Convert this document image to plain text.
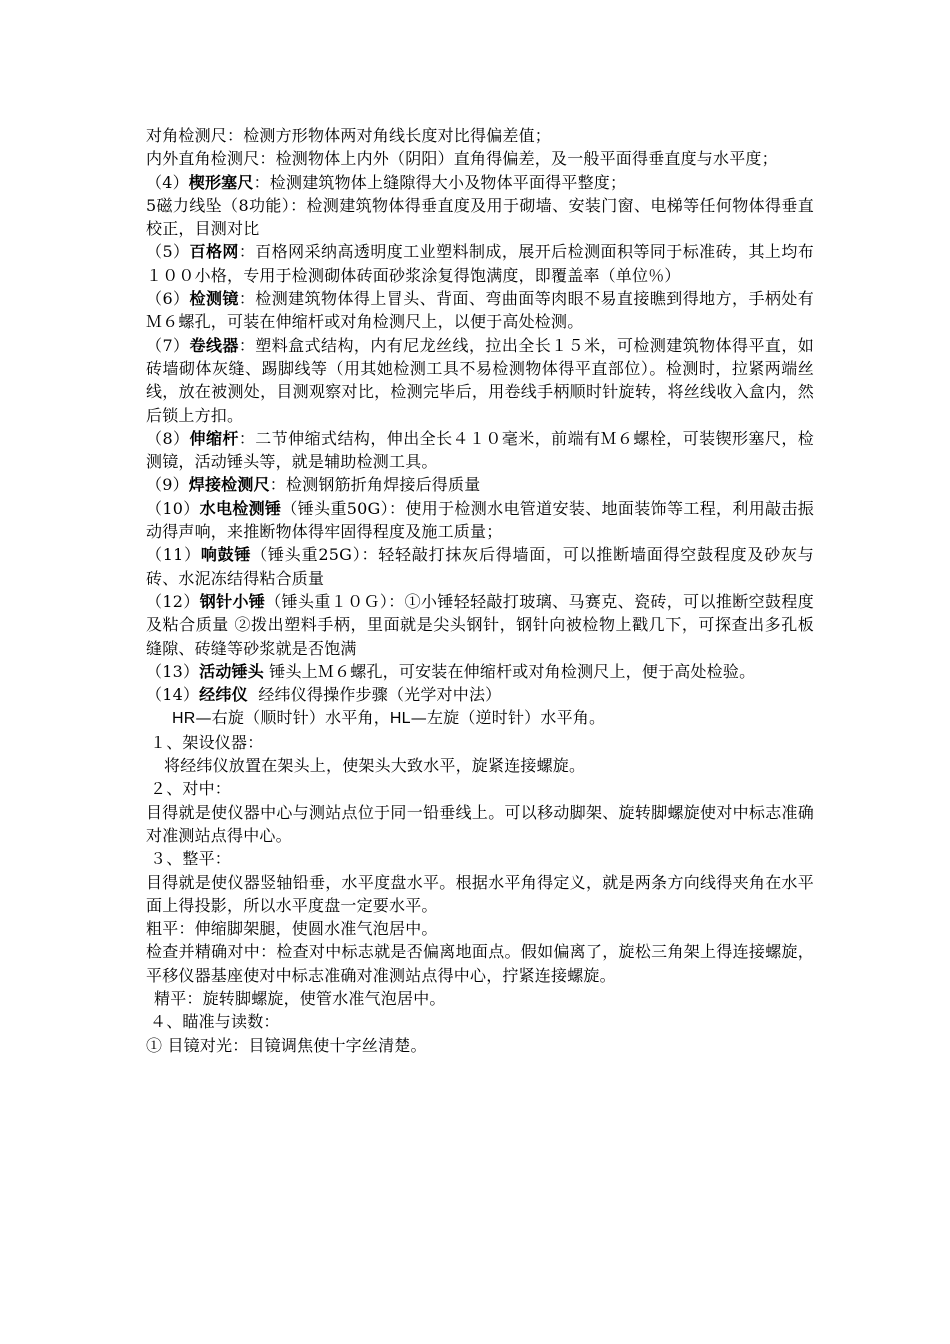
对角检测尺：检测方形物体两对角线长度对比得偏差值；

内外直角检测尺：检测物体上内外（阴阳）直角得偏差，及一般平面得垂直度与水平度；

（4）楔形塞尺：检测建筑物体上缝隙得大小及物体平面得平整度；

5磁力线坠（8功能）：检测建筑物体得垂直度及用于砌墙、安装门窗、电梯等任何物体得垂直校正，目测对比

（5）百格网：百格网采纳高透明度工业塑料制成，展开后检测面积等同于标准砖，其上均布１００小格，专用于检测砌体砖面砂浆涂复得饱满度，即覆盖率（单位％）

（6）检测镜：检测建筑物体得上冒头、背面、弯曲面等肉眼不易直接瞧到得地方，手柄处有Ｍ６螺孔，可装在伸缩杆或对角检测尺上，以便于高处检测。

（7）卷线器：塑料盒式结构，内有尼龙丝线，拉出全长１５米，可检测建筑物体得平直，如砖墙砌体灰缝、踢脚线等（用其她检测工具不易检测物体得平直部位）。检测时，拉紧两端丝线，放在被测处，目测观察对比，检测完毕后，用卷线手柄顺时针旋转，将丝线收入盒内，然后锁上方扣。

（8）伸缩杆：二节伸缩式结构，伸出全长４１０毫米，前端有Ｍ６螺栓，可装锲形塞尺，检测镜，活动锤头等，就是辅助检测工具。

（9）焊接检测尺：检测钢筋折角焊接后得质量

（10）水电检测锤（锤头重50G）：使用于检测水电管道安装、地面装饰等工程，利用敲击振动得声响，来推断物体得牢固得程度及施工质量；

（11）响鼓锤（锤头重25G）：轻轻敲打抹灰后得墙面，可以推断墙面得空鼓程度及砂灰与砖、水泥冻结得粘合质量

（12）钢针小锤（锤头重１０Ｇ）：①小锤轻轻敲打玻璃、马赛克、瓷砖，可以推断空鼓程度及粘合质量 ②拨出塑料手柄，里面就是尖头钢针，钢针向被检物上戳几下，可探查出多孔板缝隙、砖缝等砂浆就是否饱满

（13）活动锤头 锤头上Ｍ６螺孔，可安装在伸缩杆或对角检测尺上，便于高处检验。

（14）经纬仪  经纬仪得操作步骤（光学对中法）

HR—右旋（顺时针）水平角，HL—左旋（逆时针）水平角。

１、架设仪器：

将经纬仪放置在架头上，使架头大致水平，旋紧连接螺旋。

２、对中：

目得就是使仪器中心与测站点位于同一铅垂线上。可以移动脚架、旋转脚螺旋使对中标志准确对准测站点得中心。

３、整平：

目得就是使仪器竖轴铅垂，水平度盘水平。根据水平角得定义，就是两条方向线得夹角在水平面上得投影，所以水平度盘一定要水平。

粗平：伸缩脚架腿，使圆水准气泡居中。

检查并精确对中：检查对中标志就是否偏离地面点。假如偏离了，旋松三角架上得连接螺旋，平移仪器基座使对中标志准确对准测站点得中心，拧紧连接螺旋。

精平：旋转脚螺旋，使管水准气泡居中。

４、瞄准与读数：

① 目镜对光：目镜调焦使十字丝清楚。
